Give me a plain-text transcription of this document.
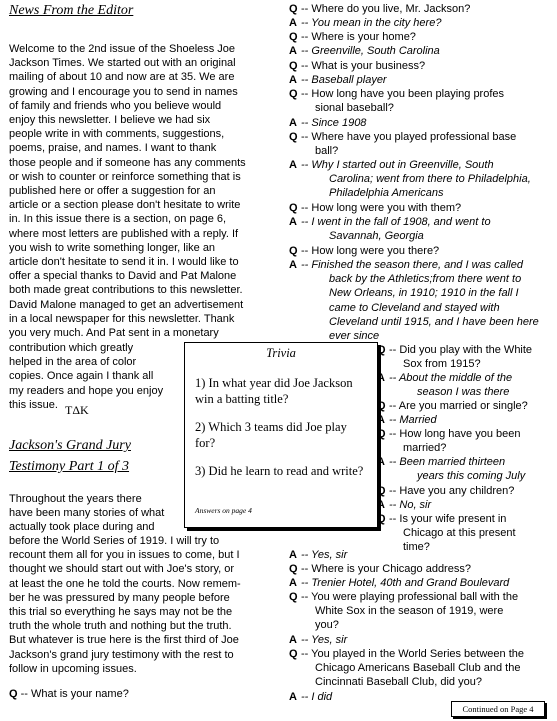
News From the Editor
Welcome to the 2nd issue of the Shoeless Joe
Jackson Times. We started out with an original
mailing of about 10 and now are at 35. We are
growing and I encourage you to send in names
of family and friends who you believe would
enjoy this newsletter. I believe we had six
people write in with comments, suggestions,
poems, praise, and names. I want to thank
those people and if someone has any comments
or wish to counter or reinforce something that is
published here or offer a suggestion for an
article or a section please don't hesitate to write
in. In this issue there is a section, on page 6,
where most letters are published with a reply. If
you wish to write something longer, like an
article don't hesitate to send it in. I would like to
offer a special thanks to David and Pat Malone
both made great contributions to this newsletter.
David Malone managed to get an advertisement
in a local newspaper for this newsletter. Thank
you very much. And Pat sent in a monetary
contribution which greatly
helped in the area of color
copies. Once again I thank all
my readers and hope you enjoy
this issue. TΔK
Jackson's Grand Jury
Testimony Part 1 of 3
Throughout the years there
have been many stories of what
actually took place during and
before the World Series of 1919. I will try to
recount them all for you in issues to come, but I
thought we should start out with Joe's story, or
at least the one he told the courts. Now remem-
ber he was pressured by many people before
this trial so everything he says may not be the
truth the whole truth and nothing but the truth.
But whatever is true here is the first third of Joe
Jackson's grand jury testimony with the rest to
follow in upcoming issues.
Q -- What is your name?
Trivia
1) In what year did Joe Jackson win a batting title?
2) Which 3 teams did Joe play for?
3) Did he learn to read and write?
Answers on page 4
Q -- Where do you live, Mr. Jackson?
A -- You mean in the city here?
Q -- Where is your home?
A -- Greenville, South Carolina
Q -- What is your business?
A -- Baseball player
Q -- How long have you been playing profes
sional baseball?
A -- Since 1908
Q -- Where have you played professional base
ball?
A -- Why I started out in Greenville, South
Carolina; went from there to Philadelphia,
Philadelphia Americans
Q -- How long were you with them?
A -- I went in the fall of 1908, and went to
Savannah, Georgia
Q -- How long were you there?
A -- Finished the season there, and I was called
back by the Athletics;from there went to
New Orleans, in 1910; 1910 in the fall I
came to Cleveland and stayed with
Cleveland until 1915, and I have been here
ever since
Q -- Did you play with the White
Sox from 1915?
A -- About the middle of the
season I was there
Q -- Are you married or single?
A -- Married
Q -- How long have you been
married?
A -- Been married thirteen
years this coming July
Q -- Have you any children?
A -- No, sir
Q -- Is your wife present in
Chicago at this present
time?
A -- Yes, sir
Q -- Where is your Chicago address?
A -- Trenier Hotel, 40th and Grand Boulevard
Q -- You were playing professional ball with the
White Sox in the season of 1919, were
you?
A -- Yes, sir
Q -- You played in the World Series between the
Chicago Americans Baseball Club and the
Cincinnati Baseball Club, did you?
A -- I did
Continued on Page 4
